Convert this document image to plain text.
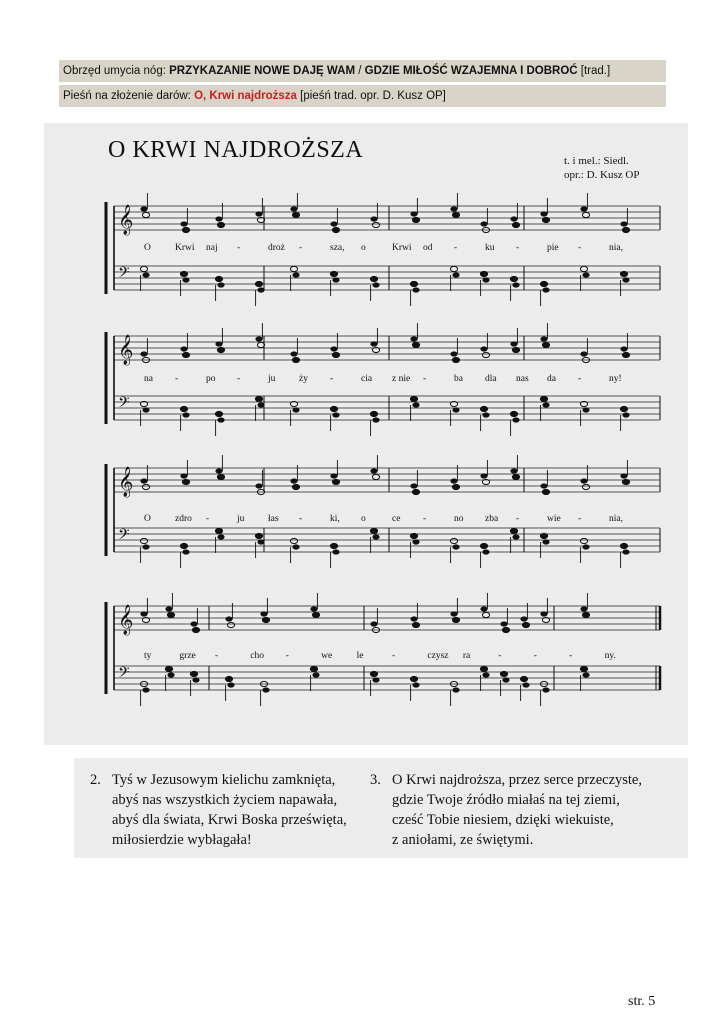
Obrzęd umycia nóg: PRZYKAZANIE NOWE DAJĘ WAM / GDZIE MIŁOŚĆ WZAJEMNA I DOBROĆ [trad.]
Pieśń na złożenie darów: O, Krwi najdroższa [pieśń trad. opr. D. Kusz OP]
𝄞
𝄢
𝄞
𝄢
𝄞
𝄢
𝄞
𝄢
O KRWI NAJDROŻSZA	t. i mel.: Siedl.
opr.: D. Kusz OP
O	Krwi naj -	droż -	sza, o	Krwi od -	ku -	pie -	nia,
na -	po -	ju ży -	cia z nie -	ba dla nas da -	ny!
O	zdro -	ju łas -	ki, o	ce -	no zba -	wie -	nia,
ty	grze -	cho -	we	le	-	czysz ra	-	-	-	ny.
2. Tyś w Jezusowym kielichu zamknięta,
abyś nas wszystkich życiem napawała,
abyś dla świata, Krwi Boska prześwięta,
miłosierdzie wybłagała!
3. O Krwi najdroższa, przez serce przeczyste,
gdzie Twoje źródło miałaś na tej ziemi,
cześć Tobie niesiem, dzięki wiekuiste,
z aniołami, ze świętymi.
str. 5
